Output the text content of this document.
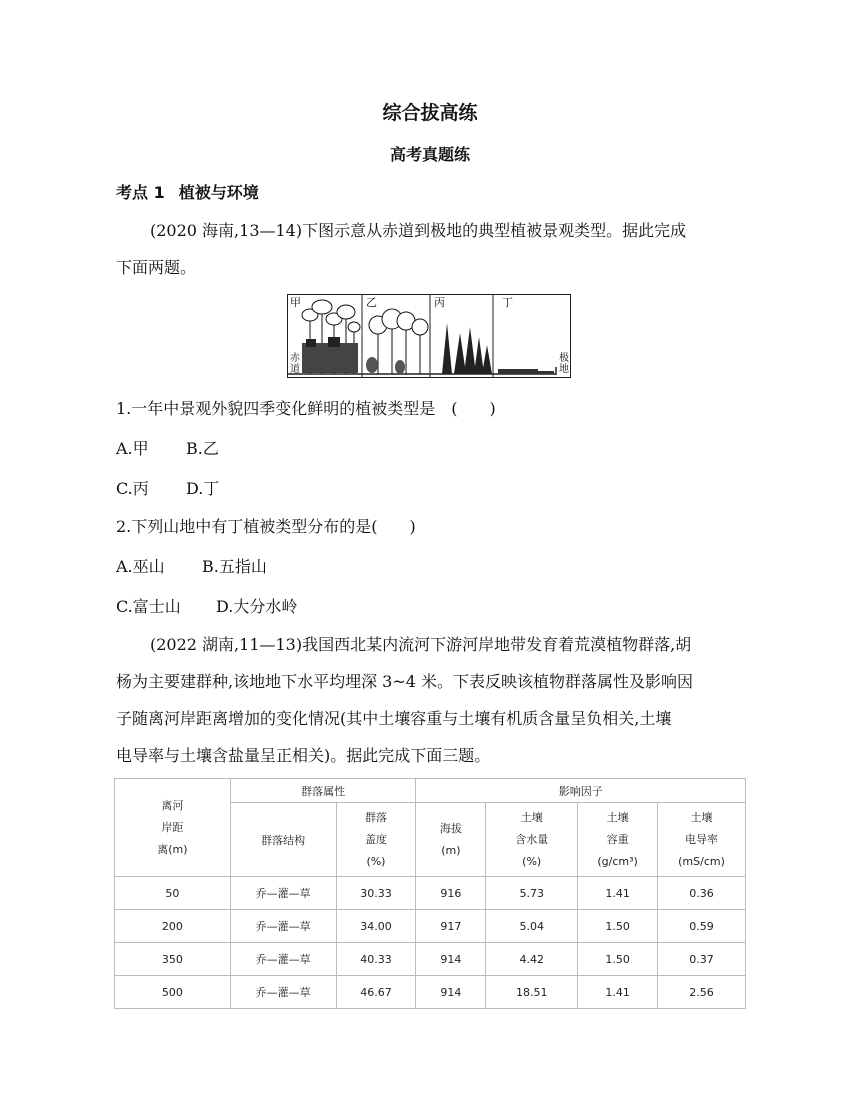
综合拔高练
高考真题练
考点 1 植被与环境
(2020 海南,13—14)下图示意从赤道到极地的典型植被景观类型。据此完成
下面两题。
甲	乙	丙	丁
赤
道
极
地
1.一年中景观外貌四季变化鲜明的植被类型是　(　　)
A.甲 B.乙
C.丙 D.丁
2.下列山地中有丁植被类型分布的是(　　)
A.巫山 B.五指山
C.富士山 D.大分水岭
(2022 湖南,11—13)我国西北某内流河下游河岸地带发育着荒漠植物群落,胡
杨为主要建群种,该地地下水平均埋深 3~4 米。下表反映该植物群落属性及影响因
子随离河岸距离增加的变化情况(其中土壤容重与土壤有机质含量呈负相关,土壤
电导率与土壤含盐量呈正相关)。据此完成下面三题。
离河
岸距
离(m)	群落属性		影响因子			
	群落结构	群落
盖度
(%)	海拔
(m)	土壤
含水量
(%)	土壤
容重
(g/cm³)	土壤
电导率
(mS/cm)

50	乔—灌—草	30.33	916	5.73	1.41	0.36
200	乔—灌—草	34.00	917	5.04	1.50	0.59
350	乔—灌—草	40.33	914	4.42	1.50	0.37
500	乔—灌—草	46.67	914	18.51	1.41	2.56
